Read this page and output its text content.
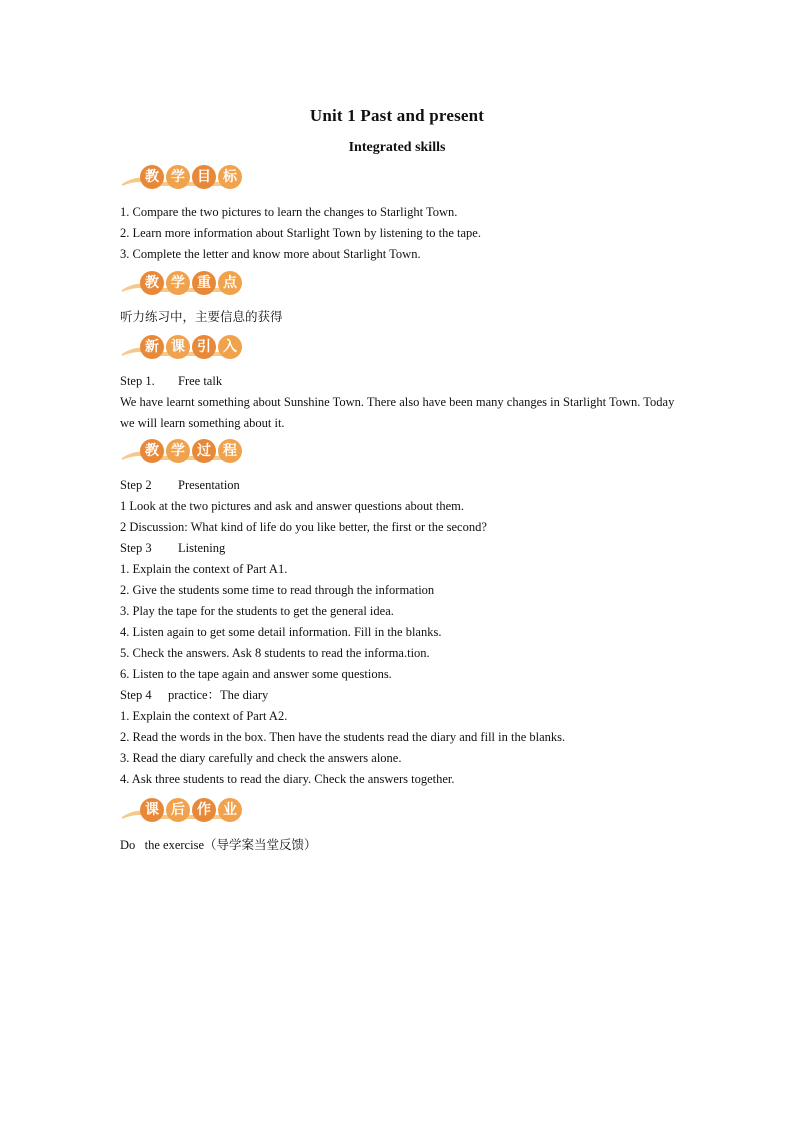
Unit 1 Past and present
Integrated skills
教 学 目 标
1. Compare the two pictures to learn the changes to Starlight Town.
2. Learn more information about Starlight Town by listening to the tape.
3. Complete the letter and know more about Starlight Town.
教 学 重 点
听力练习中，主要信息的获得
新 课 引 入
Step 1. Free talk
We have learnt something about Sunshine Town. There also have been many changes in Starlight Town. Today we will learn something about it.
教 学 过 程
Step 2 Presentation
1 Look at the two pictures and ask and answer questions about them.
2 Discussion: What kind of life do you like better, the first or the second?
Step 3 Listening
1. Explain the context of Part A1.
2. Give the students some time to read through the information
3. Play the tape for the students to get the general idea.
4. Listen again to get some detail information. Fill in the blanks.
5. Check the answers. Ask 8 students to read the informa.tion.
6. Listen to the tape again and answer some questions.
Step 4 practice：The diary
1. Explain the context of Part A2.
2. Read the words in the box. Then have the students read the diary and fill in the blanks.
3. Read the diary carefully and check the answers alone.
4. Ask three students to read the diary. Check the answers together.
课 后 作 业
Do   the exercise（导学案当堂反馈）
